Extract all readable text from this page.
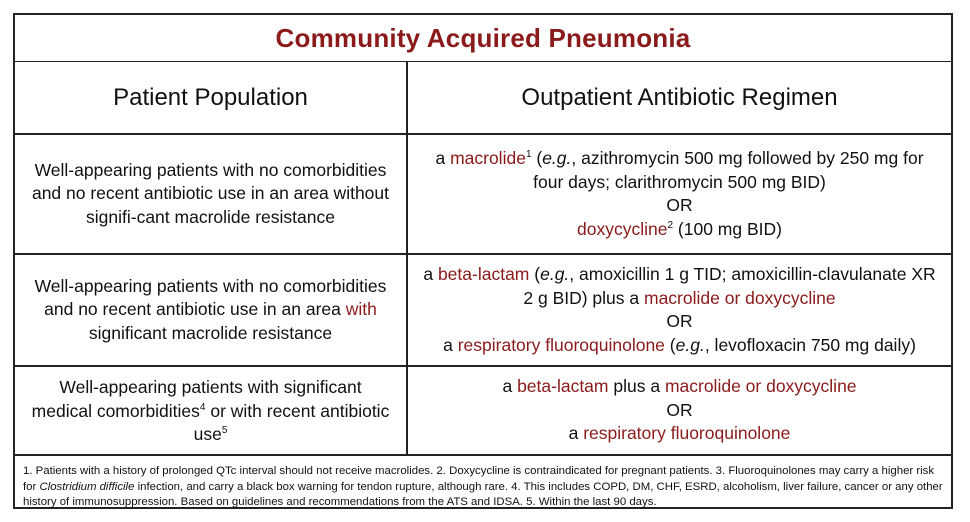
Community Acquired Pneumonia
Patient Population	Outpatient Antibiotic Regimen
Well-appearing patients with no comorbidities and no recent antibiotic use in an area without signifi-cant macrolide resistance
a macrolide$^1$ (e.g., azithromycin 500 mg followed by 250 mg for four days; clarithromycin 500 mg BID)
OR
doxycycline$^2$ (100 mg BID)
Well-appearing patients with no comorbidities and no recent antibiotic use in an area with significant macrolide resistance
a beta-lactam (e.g., amoxicillin 1 g TID; amoxicillin-clavulanate XR 2 g BID) plus a macrolide or doxycycline
OR
a respiratory fluoroquinolone (e.g., levofloxacin 750 mg daily)
Well-appearing patients with significant medical comorbidities$^4$ or with recent antibiotic use$^5$
a beta-lactam plus a macrolide or doxycycline
OR
a respiratory fluoroquinolone
1. Patients with a history of prolonged QTc interval should not receive macrolides. 2. Doxycycline is contraindicated for pregnant patients. 3. Fluoroquinolones may carry a higher risk for Clostridium difficile infection, and carry a black box warning for tendon rupture, although rare. 4. This includes COPD, DM, CHF, ESRD, alcoholism, liver failure, cancer or any other history of immunosuppression. Based on guidelines and recommendations from the ATS and IDSA. 5. Within the last 90 days.
